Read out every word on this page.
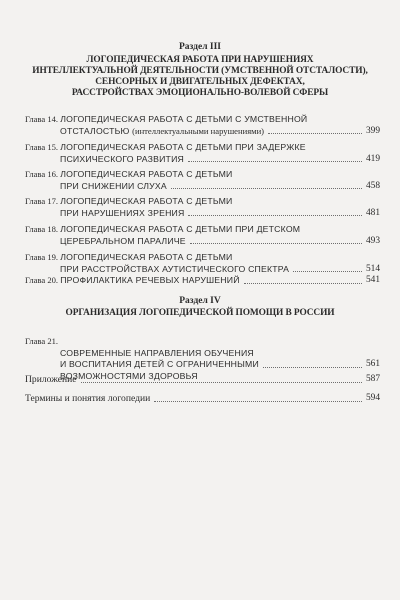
Раздел III
ЛОГОПЕДИЧЕСКАЯ РАБОТА ПРИ НАРУШЕНИЯХ
ИНТЕЛЛЕКТУАЛЬНОЙ ДЕЯТЕЛЬНОСТИ (УМСТВЕННОЙ ОТСТАЛОСТИ),
СЕНСОРНЫХ И ДВИГАТЕЛЬНЫХ ДЕФЕКТАХ,
РАССТРОЙСТВАХ ЭМОЦИОНАЛЬНО-ВОЛЕВОЙ СФЕРЫ
Глава 14. ЛОГОПЕДИЧЕСКАЯ РАБОТА С ДЕТЬМИ С УМСТВЕННОЙ
ОТСТАЛОСТЬЮ (интеллектуальными нарушениями)	399
Глава 15. ЛОГОПЕДИЧЕСКАЯ РАБОТА С ДЕТЬМИ ПРИ ЗАДЕРЖКЕ
ПСИХИЧЕСКОГО РАЗВИТИЯ	419
Глава 16. ЛОГОПЕДИЧЕСКАЯ РАБОТА С ДЕТЬМИ
ПРИ СНИЖЕНИИ СЛУХА	458
Глава 17. ЛОГОПЕДИЧЕСКАЯ РАБОТА С ДЕТЬМИ
ПРИ НАРУШЕНИЯХ ЗРЕНИЯ	481
Глава 18. ЛОГОПЕДИЧЕСКАЯ РАБОТА С ДЕТЬМИ ПРИ ДЕТСКОМ
ЦЕРЕБРАЛЬНОМ ПАРАЛИЧЕ	493
Глава 19. ЛОГОПЕДИЧЕСКАЯ РАБОТА С ДЕТЬМИ
ПРИ РАССТРОЙСТВАХ АУТИСТИЧЕСКОГО СПЕКТРА	514
Глава 20. ПРОФИЛАКТИКА РЕЧЕВЫХ НАРУШЕНИЙ	541
Раздел IV
ОРГАНИЗАЦИЯ ЛОГОПЕДИЧЕСКОЙ ПОМОЩИ В РОССИИ
Глава 21.
СОВРЕМЕННЫЕ НАПРАВЛЕНИЯ ОБУЧЕНИЯ
И ВОСПИТАНИЯ ДЕТЕЙ С ОГРАНИЧЕННЫМИ	561
ВОЗМОЖНОСТЯМИ ЗДОРОВЬЯ
Приложение	587
Термины и понятия логопедии	594
